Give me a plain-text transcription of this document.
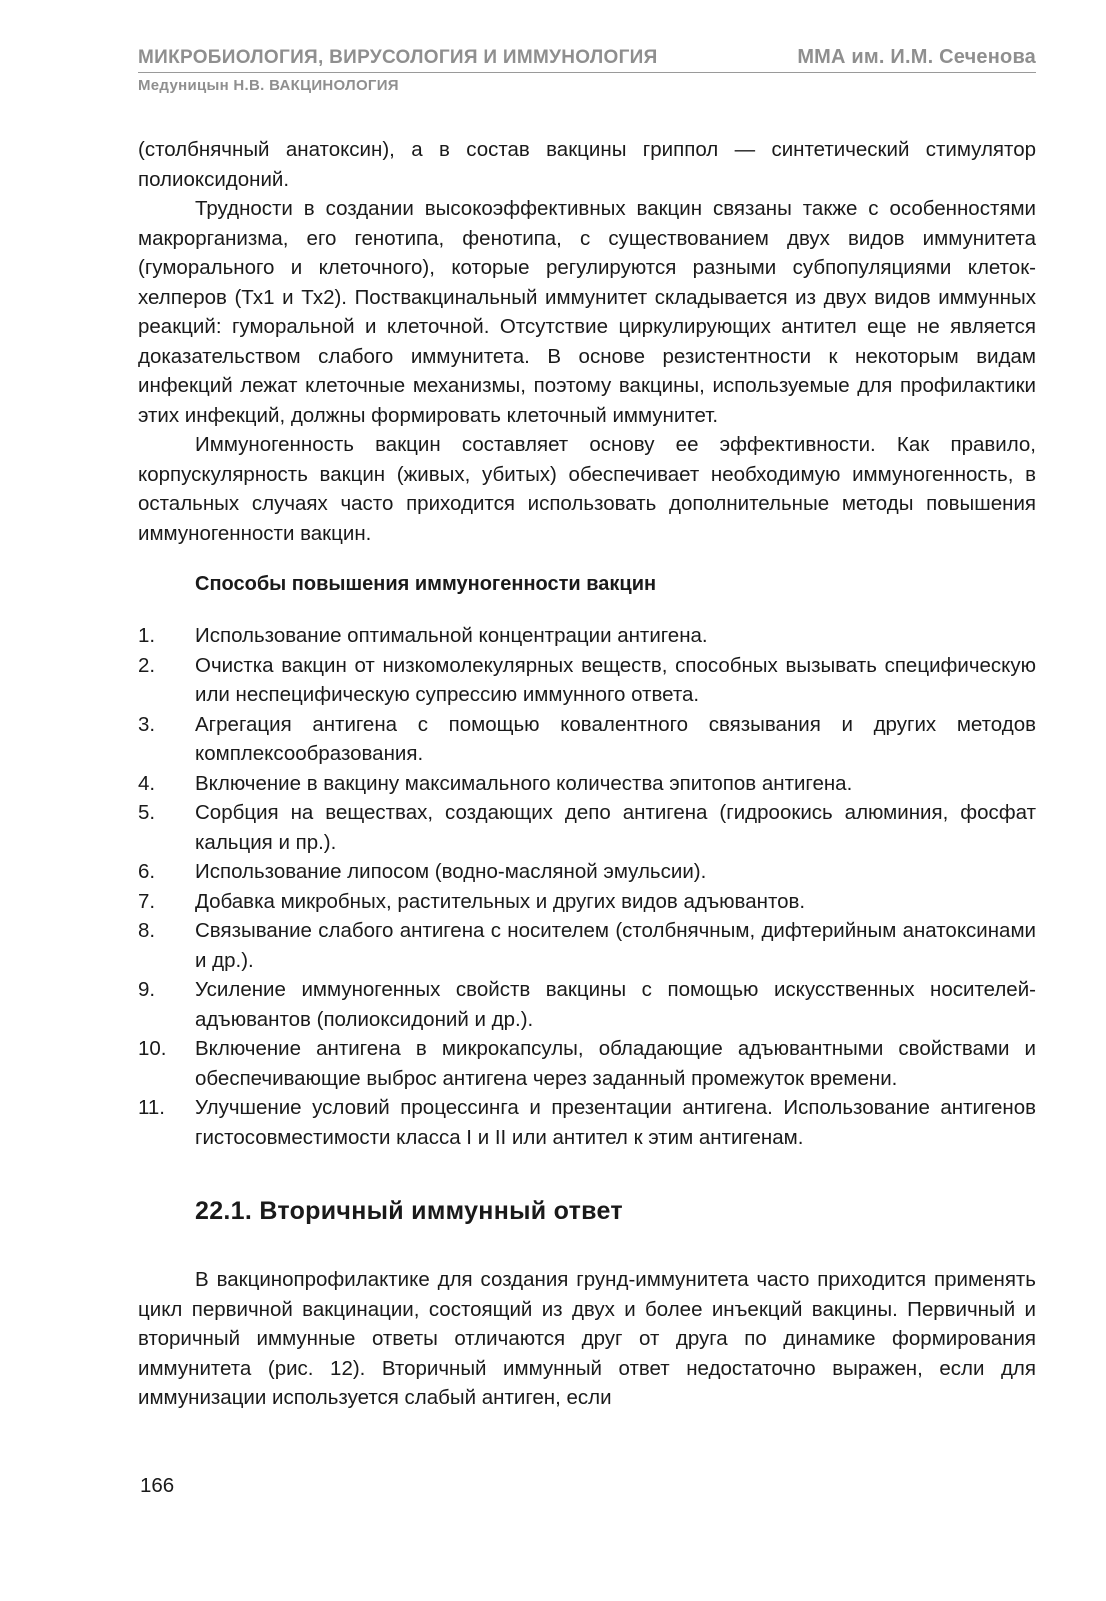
МИКРОБИОЛОГИЯ, ВИРУСОЛОГИЯ И ИММУНОЛОГИЯ	ММА им. И.М. Сеченова
Медуницын Н.В. ВАКЦИНОЛОГИЯ

(столбнячный анатоксин), а в состав вакцины гриппол — синтетический стимулятор полиоксидоний.

Трудности в создании высокоэффективных вакцин связаны также с особенностями макрорганизма, его генотипа, фенотипа, с существованием двух видов иммунитета (гуморального и клеточного), которые регулируются разными субпопуляциями клеток-хелперов (Тх1 и Тх2). Поствакцинальный иммунитет складывается из двух видов иммунных реакций: гуморальной и клеточной. Отсутствие циркулирующих антител еще не является доказательством слабого иммунитета. В основе резистентности к некоторым видам инфекций лежат клеточные механизмы, поэтому вакцины, используемые для профилактики этих инфекций, должны формировать клеточный иммунитет.

Иммуногенность вакцин составляет основу ее эффективности. Как правило, корпускулярность вакцин (живых, убитых) обеспечивает необходимую иммуногенность, в остальных случаях часто приходится использовать дополнительные методы повышения иммуногенности вакцин.

Способы повышения иммуногенности вакцин
1.	Использование оптимальной концентрации антигена.
2.	Очистка вакцин от низкомолекулярных веществ, способных вызывать специфическую или неспецифическую супрессию иммунного ответа.
3.	Агрегация антигена с помощью ковалентного связывания и других методов комплексообразования.
4.	Включение в вакцину максимального количества эпитопов антигена.
5.	Сорбция на веществах, создающих депо антигена (гидроокись алюминия, фосфат кальция и пр.).
6.	Использование липосом (водно-масляной эмульсии).
7.	Добавка микробных, растительных и других видов адъювантов.
8.	Связывание слабого антигена с носителем (столбнячным, дифтерийным анатоксинами и др.).
9.	Усиление иммуногенных свойств вакцины с помощью искусственных носителей-адъювантов (полиоксидоний и др.).
10.	Включение антигена в микрокапсулы, обладающие адъювантными свойствами и обеспечивающие выброс антигена через заданный промежуток времени.
11.	Улучшение условий процессинга и презентации антигена. Использование антигенов гистосовместимости класса I и II или антител к этим антигенам.
22.1. Вторичный иммунный ответ

В вакцинопрофилактике для создания грунд-иммунитета часто приходится применять цикл первичной вакцинации, состоящий из двух и более инъекций вакцины. Первичный и вторичный иммунные ответы отличаются друг от друга по динамике формирования иммунитета (рис. 12). Вторичный иммунный ответ недостаточно выражен, если для иммунизации используется слабый антиген, если

166
